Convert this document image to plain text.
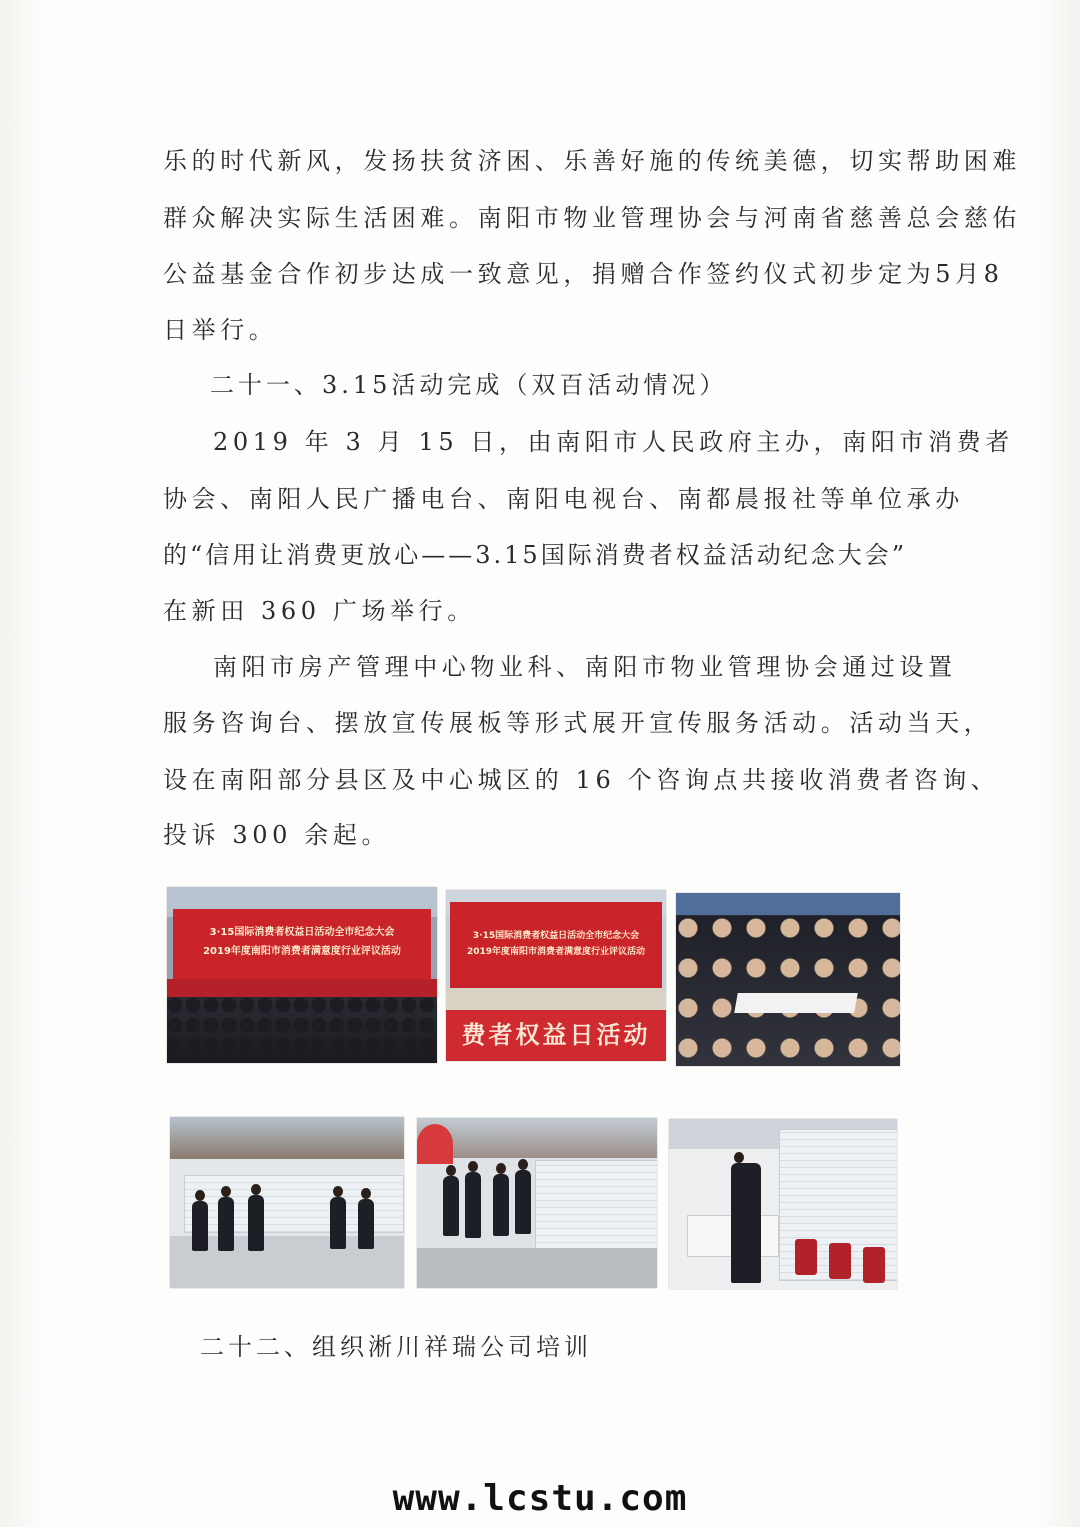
乐的时代新风，发扬扶贫济困、乐善好施的传统美德，切实帮助困难
群众解决实际生活困难。南阳市物业管理协会与河南省慈善总会慈佑
公益基金合作初步达成一致意见，捐赠合作签约仪式初步定为5月8
日举行。
二十一、3.15活动完成（双百活动情况）
2019 年 3 月 15 日，由南阳市人民政府主办，南阳市消费者
协会、南阳人民广播电台、南阳电视台、南都晨报社等单位承办
的“信用让消费更放心——3.15国际消费者权益活动纪念大会”
在新田 360 广场举行。
南阳市房产管理中心物业科、南阳市物业管理协会通过设置
服务咨询台、摆放宣传展板等形式展开宣传服务活动。活动当天，
设在南阳部分县区及中心城区的 16 个咨询点共接收消费者咨询、
投诉 300 余起。
3·15国际消费者权益日活动全市纪念大会
2019年度南阳市消费者满意度行业评议活动
3·15国际消费者权益日活动全市纪念大会
2019年度南阳市消费者满意度行业评议活动
费者权益日活动
二十二、组织淅川祥瑞公司培训
www.lcstu.com
